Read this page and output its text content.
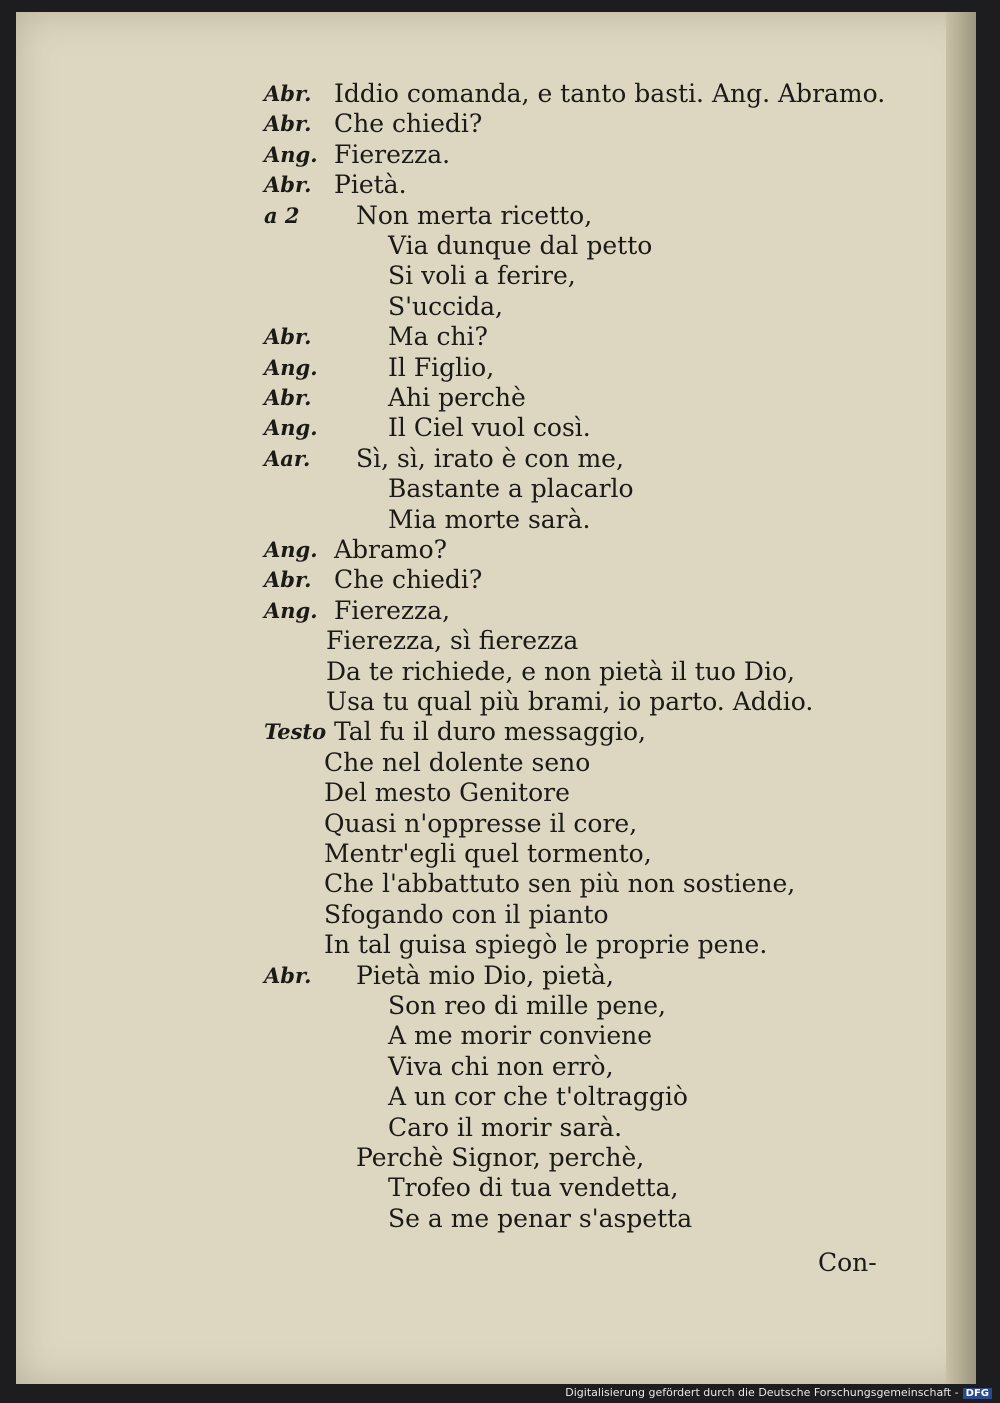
Abr. Iddio comanda, e tanto basti. Ang. Abramo.
Abr. Che chiedi?
Ang. Fierezza.
Abr. Pietà.
a 2	Non merta ricetto,
Via dunque dal petto
Si voli a ferire,
S'uccida,
Abr.	Ma chi?
Ang.	Il Figlio,
Abr.	Ahi perchè
Ang.	Il Ciel vuol così.
Aar.	Sì, sì, irato è con me,
Bastante a placarlo
Mia morte sarà.
Ang. Abramo?
Abr. Che chiedi?
Ang. Fierezza,
Fierezza, sì fierezza
Da te richiede, e non pietà il tuo Dio,
Usa tu qual più brami, io parto. Addio.
Testo Tal fu il duro messaggio,
Che nel dolente seno
Del mesto Genitore
Quasi n'oppresse il core,
Mentr'egli quel tormento,
Che l'abbattuto sen più non sostiene,
Sfogando con il pianto
In tal guisa spiegò le proprie pene.
Abr.	Pietà mio Dio, pietà,
Son reo di mille pene,
A me morir conviene
Viva chi non errò,
A un cor che t'oltraggiò
Caro il morir sarà.
Perchè Signor, perchè,
Trofeo di tua vendetta,
Se a me penar s'aspetta
Con-
Digitalisierung gefördert durch die Deutsche Forschungsgemeinschaft - DFG
